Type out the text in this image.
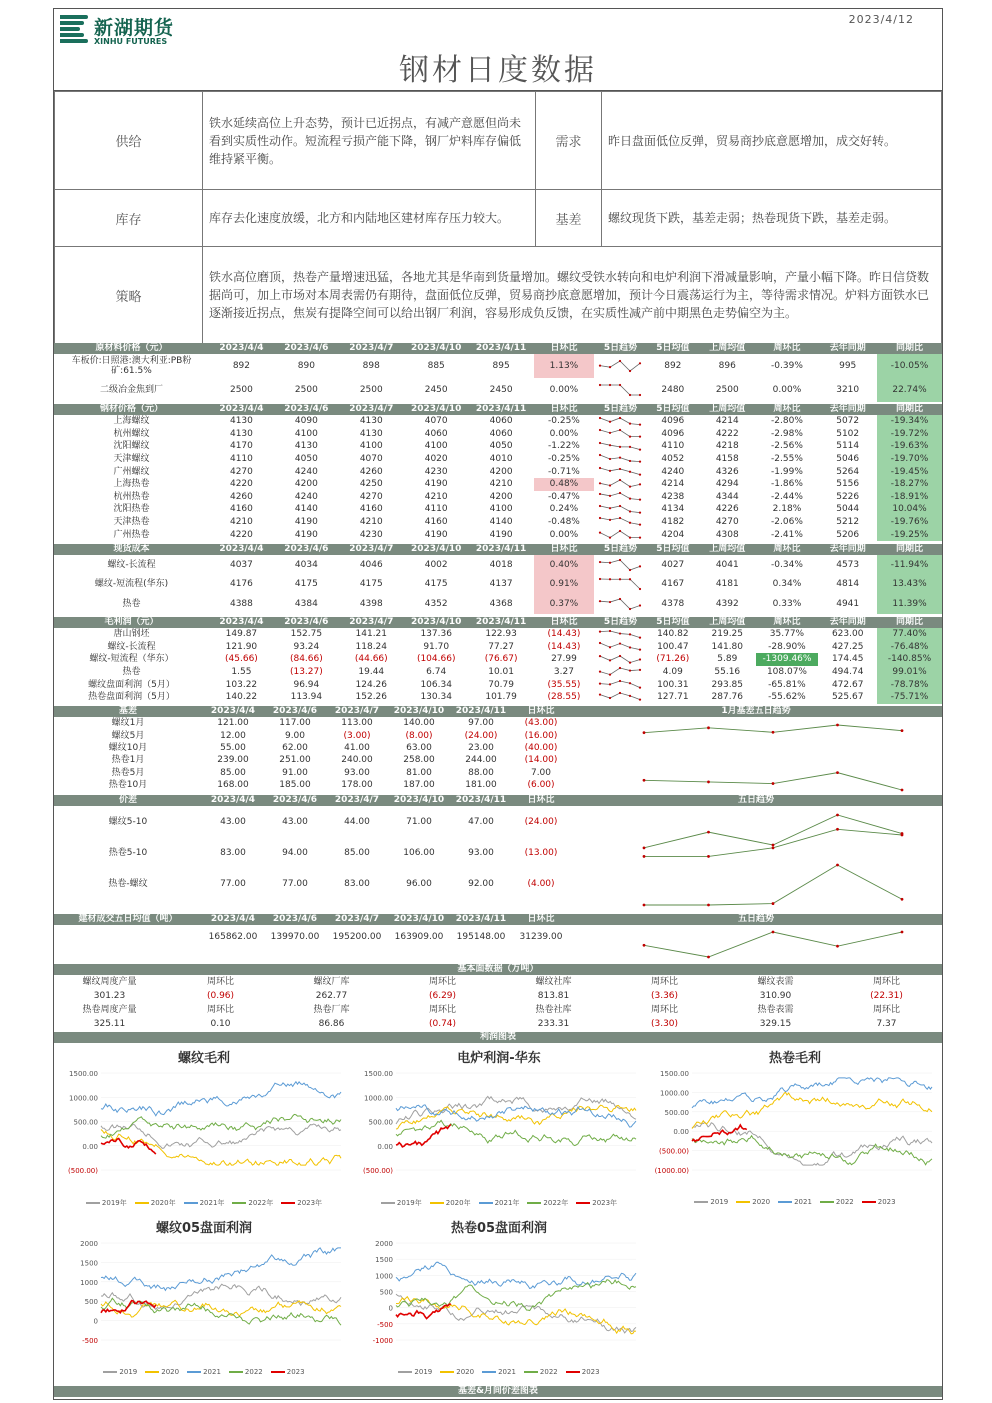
新湖期货
XINHU FUTURES
2023/4/12
钢材日度数据
供给	铁水延续高位上升态势，预计已近拐点，有减产意愿但尚未看到实质性动作。短流程亏损产能下降，钢厂炉料库存偏低维持紧平衡。	需求	昨日盘面低位反弹，贸易商抄底意愿增加，成交好转。
库存	库存去化速度放缓，北方和内陆地区建材库存压力较大。	基差	螺纹现货下跌，基差走弱；热卷现货下跌，基差走弱。
策略	铁水高位磨顶，热卷产量增速迅猛，各地尤其是华南到货量增加。螺纹受铁水转向和电炉利润下滑减量影响，产量小幅下降。昨日信贷数据尚可，加上市场对本周表需仍有期待，盘面低位反弹，贸易商抄底意愿增加，预计今日震荡运行为主，等待需求情况。炉料方面铁水已逐渐接近拐点，焦炭有提降空间可以给出钢厂利润，容易形成负反馈，在实质性减产前中期黑色走势偏空为主。		
原材料价格（元）	2023/4/4	2023/4/6	2023/4/7	2023/4/10	2023/4/11	日环比	5日趋势	5日均值	上周均值	周环比	去年同期	同期比
车板价:日照港:澳大利亚:PB粉矿:61.5%	892	890	898	885	895	1.13%		892	896	-0.39%	995	-10.05%
二级冶金焦到厂	2500	2500	2500	2450	2450	0.00%		2480	2500	0.00%	3210	22.74%
钢材价格（元）	2023/4/4	2023/4/6	2023/4/7	2023/4/10	2023/4/11	日环比	5日趋势	5日均值	上周均值	周环比	去年同期	同期比
上海螺纹	4130	4090	4130	4070	4060	-0.25%		4096	4214	-2.80%	5072	-19.34%
杭州螺纹	4130	4100	4130	4060	4060	0.00%		4096	4222	-2.98%	5102	-19.72%
沈阳螺纹	4170	4130	4100	4100	4050	-1.22%		4110	4218	-2.56%	5114	-19.63%
天津螺纹	4110	4050	4070	4020	4010	-0.25%		4052	4158	-2.55%	5046	-19.70%
广州螺纹	4270	4240	4260	4230	4200	-0.71%		4240	4326	-1.99%	5264	-19.45%
上海热卷	4220	4200	4250	4190	4210	0.48%		4214	4294	-1.86%	5156	-18.27%
杭州热卷	4260	4240	4270	4210	4200	-0.47%		4238	4344	-2.44%	5226	-18.91%
沈阳热卷	4160	4140	4160	4110	4100	0.24%		4134	4226	2.18%	5044	10.04%
天津热卷	4210	4190	4210	4160	4140	-0.48%		4182	4270	-2.06%	5212	-19.76%
广州热卷	4220	4190	4230	4190	4190	0.00%		4204	4308	-2.41%	5206	-19.25%
现货成本	2023/4/4	2023/4/6	2023/4/7	2023/4/10	2023/4/11	日环比	5日趋势	5日均值	上周均值	周环比	去年同期	同期比
螺纹-长流程	4037	4034	4046	4002	4018	0.40%		4027	4041	-0.34%	4573	-11.94%
螺纹-短流程(华东)	4176	4175	4175	4175	4137	0.91%		4167	4181	0.34%	4814	13.43%
热卷	4388	4384	4398	4352	4368	0.37%		4378	4392	0.33%	4941	11.39%
毛利润（元）	2023/4/4	2023/4/6	2023/4/7	2023/4/10	2023/4/11	日环比	5日趋势	5日均值	上周均值	周环比	去年同期	同期比
唐山钢坯	149.87	152.75	141.21	137.36	122.93	(14.43)		140.82	219.25	35.77%	623.00	77.40%
螺纹-长流程	121.90	93.24	118.24	91.70	77.27	(14.43)		100.47	141.80	-28.90%	427.25	-76.48%
螺纹-短流程（华东）	(45.66)	(84.66)	(44.66)	(104.66)	(76.67)	27.99		(71.26)	5.89	-1309.46%	174.45	-140.85%
热卷	1.55	(13.27)	19.44	6.74	10.01	3.27		4.09	55.16	108.07%	494.74	99.01%
螺纹盘面利润（5月）	103.22	96.94	124.26	106.34	70.79	(35.55)		100.31	293.85	-65.81%	472.67	-78.78%
热卷盘面利润（5月）	140.22	113.94	152.26	130.34	101.79	(28.55)		127.71	287.76	-55.62%	525.67	-75.71%
基差	2023/4/4	2023/4/6	2023/4/7	2023/4/10	2023/4/11	日环比	1月基差五日趋势
螺纹1月	121.00	117.00	113.00	140.00	97.00	(43.00)	
螺纹5月	12.00	9.00	(3.00)	(8.00)	(24.00)	(16.00)	
螺纹10月	55.00	62.00	41.00	63.00	23.00	(40.00)	
热卷1月	239.00	251.00	240.00	258.00	244.00	(14.00)	
热卷5月	85.00	91.00	93.00	81.00	88.00	7.00	
热卷10月	168.00	185.00	178.00	187.00	181.00	(6.00)	
价差	2023/4/4	2023/4/6	2023/4/7	2023/4/10	2023/4/11	日环比	五日趋势
螺纹5-10	43.00	43.00	44.00	71.00	47.00	(24.00)	
热卷5-10	83.00	94.00	85.00	106.00	93.00	(13.00)	
热卷-螺纹	77.00	77.00	83.00	96.00	92.00	(4.00)	
建材成交五日均值（吨）	2023/4/4	2023/4/6	2023/4/7	2023/4/10	2023/4/11	日环比	五日趋势
	165862.00	139970.00	195200.00	163909.00	195148.00	31239.00	
基本面数据（万吨）
螺纹周度产量	周环比	螺纹厂库	周环比	螺纹社库	周环比	螺纹表需	周环比
301.23	(0.96)	262.77	(6.29)	813.81	(3.36)	310.90	(22.31)
热卷周度产量	周环比	热卷厂库	周环比	热卷社库	周环比	热卷表需	周环比
325.11	0.10	86.86	(0.74)	233.31	(3.30)	329.15	7.37
利润图表
螺纹毛利
1500.00
1000.00
500.00
0.00
(500.00)
2019年	2020年	2021年	2022年	2023年
电炉利润-华东
1500.00
1000.00
500.00
0.00
(500.00)
2019年	2020年	2021年	2022年	2023年
热卷毛利
1500.00
1000.00
500.00
0.00
(500.00)
(1000.00)
2019	2020	2021	2022	2023
螺纹05盘面利润
2000
1500
1000
500
0
-500
2019	2020	2021	2022	2023
热卷05盘面利润
2000
1500
1000
500
0
-500
-1000
2019	2020	2021	2022	2023
基差&月间价差图表
